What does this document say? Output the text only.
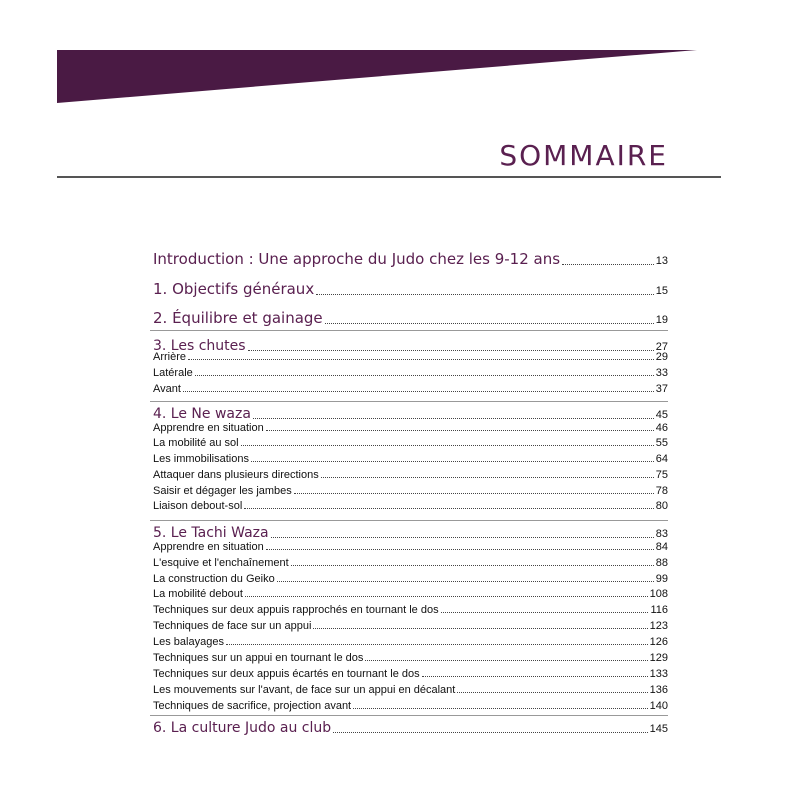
SOMMAIRE
Introduction : Une approche du Judo chez les 9-12 ans	13
1. Objectifs généraux	15
2. Équilibre et gainage	19
3. Les chutes	27
Arrière	29
Latérale	33
Avant	37
4. Le Ne waza	45
Apprendre en situation	46
La mobilité au sol	55
Les immobilisations	64
Attaquer dans plusieurs directions	75
Saisir et dégager les jambes	78
Liaison debout-sol	80
5. Le Tachi Waza	83
Apprendre en situation	84
L'esquive et l'enchaînement	88
La construction du Geiko	99
La mobilité debout	108
Techniques sur deux appuis rapprochés en tournant le dos	116
Techniques de face sur un appui	123
Les balayages	126
Techniques sur un appui en tournant le dos	129
Techniques sur deux appuis écartés en tournant le dos	133
Les mouvements sur l'avant, de face sur un appui en décalant	136
Techniques de sacrifice, projection avant	140
6. La culture Judo au club	145
